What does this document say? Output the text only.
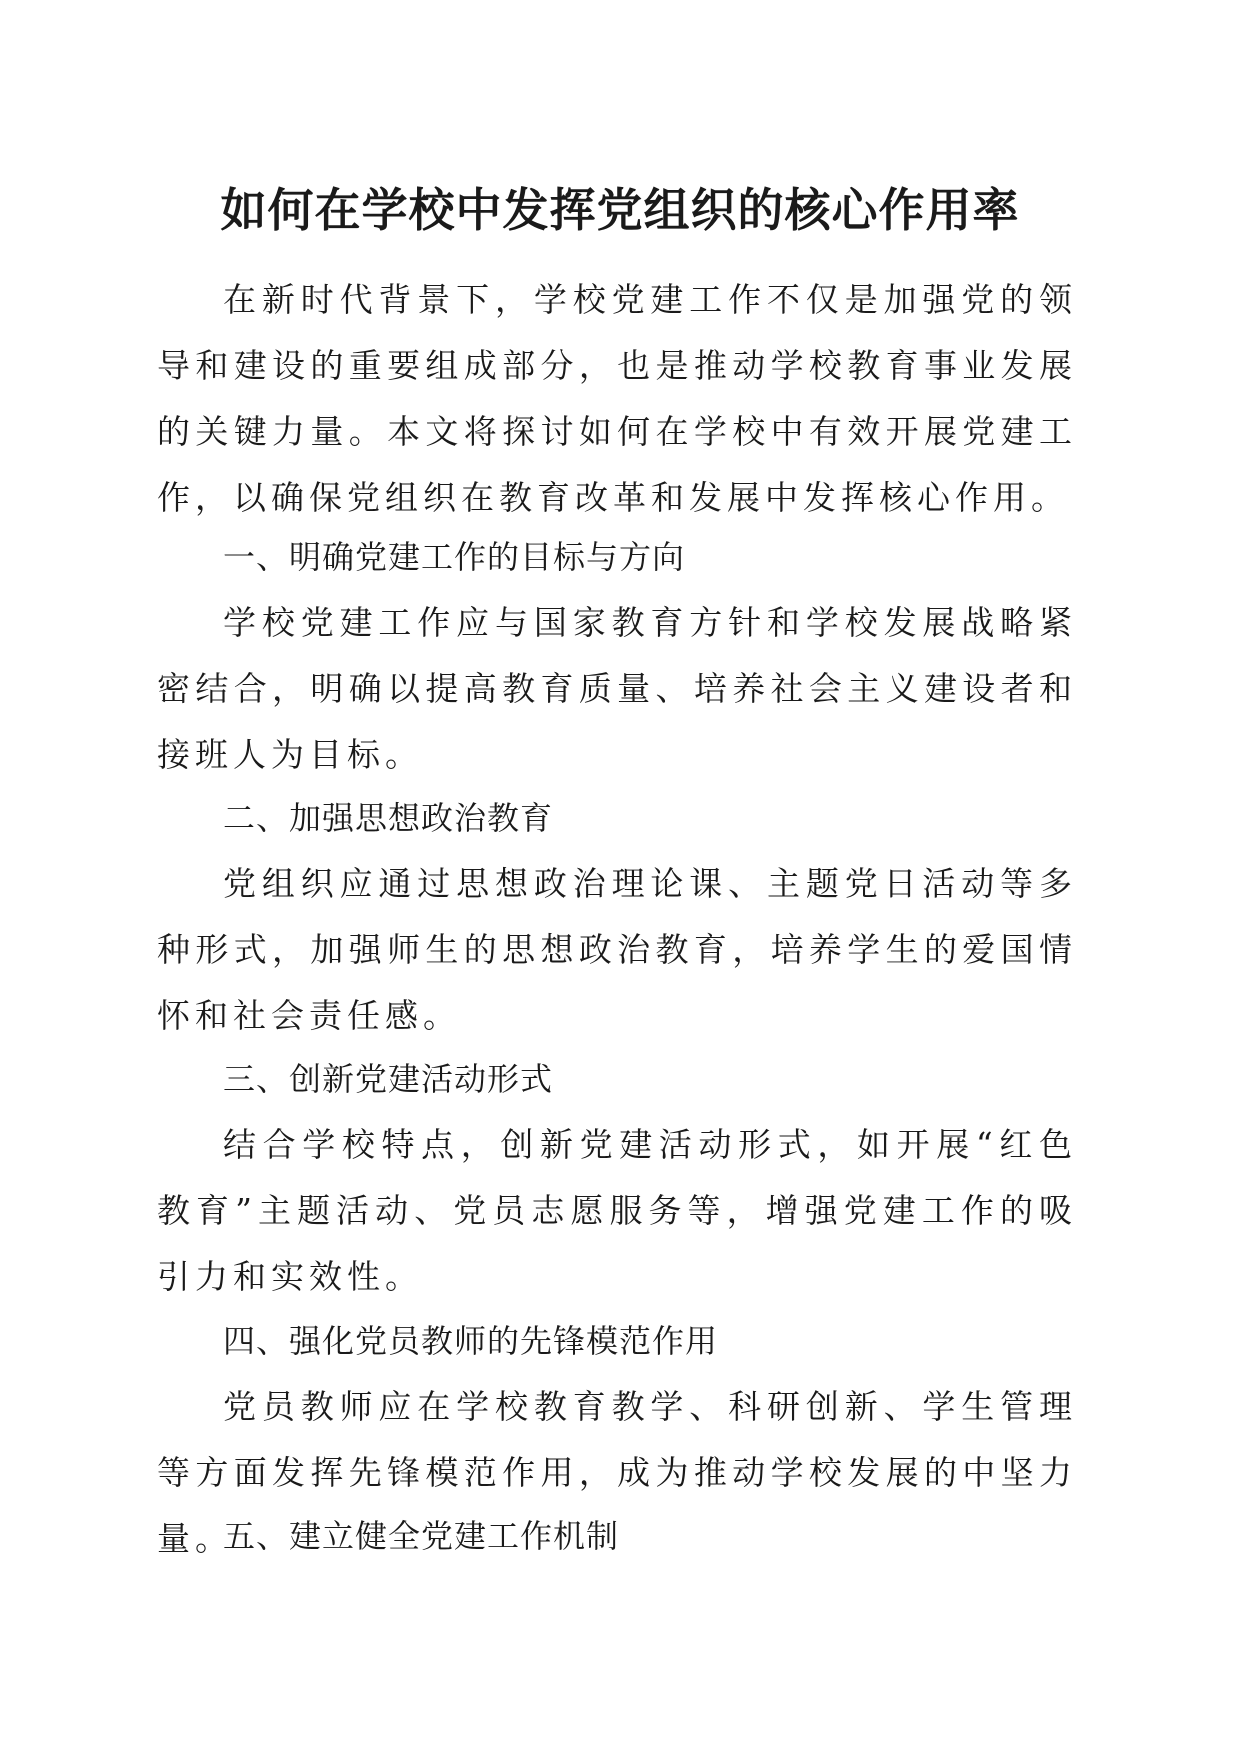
如何在学校中发挥党组织的核心作用率

在新时代背景下，学校党建工作不仅是加强党的领导和建设的重要组成部分，也是推动学校教育事业发展的关键力量。本文将探讨如何在学校中有效开展党建工作，以确保党组织在教育改革和发展中发挥核心作用。

一、明确党建工作的目标与方向

学校党建工作应与国家教育方针和学校发展战略紧密结合，明确以提高教育质量、培养社会主义建设者和接班人为目标。

二、加强思想政治教育

党组织应通过思想政治理论课、主题党日活动等多种形式，加强师生的思想政治教育，培养学生的爱国情怀和社会责任感。

三、创新党建活动形式

结合学校特点，创新党建活动形式，如开展“红色教育”主题活动、党员志愿服务等，增强党建工作的吸引力和实效性。

四、强化党员教师的先锋模范作用

党员教师应在学校教育教学、科研创新、学生管理等方面发挥先锋模范作用，成为推动学校发展的中坚力量。

五、建立健全党建工作机制
